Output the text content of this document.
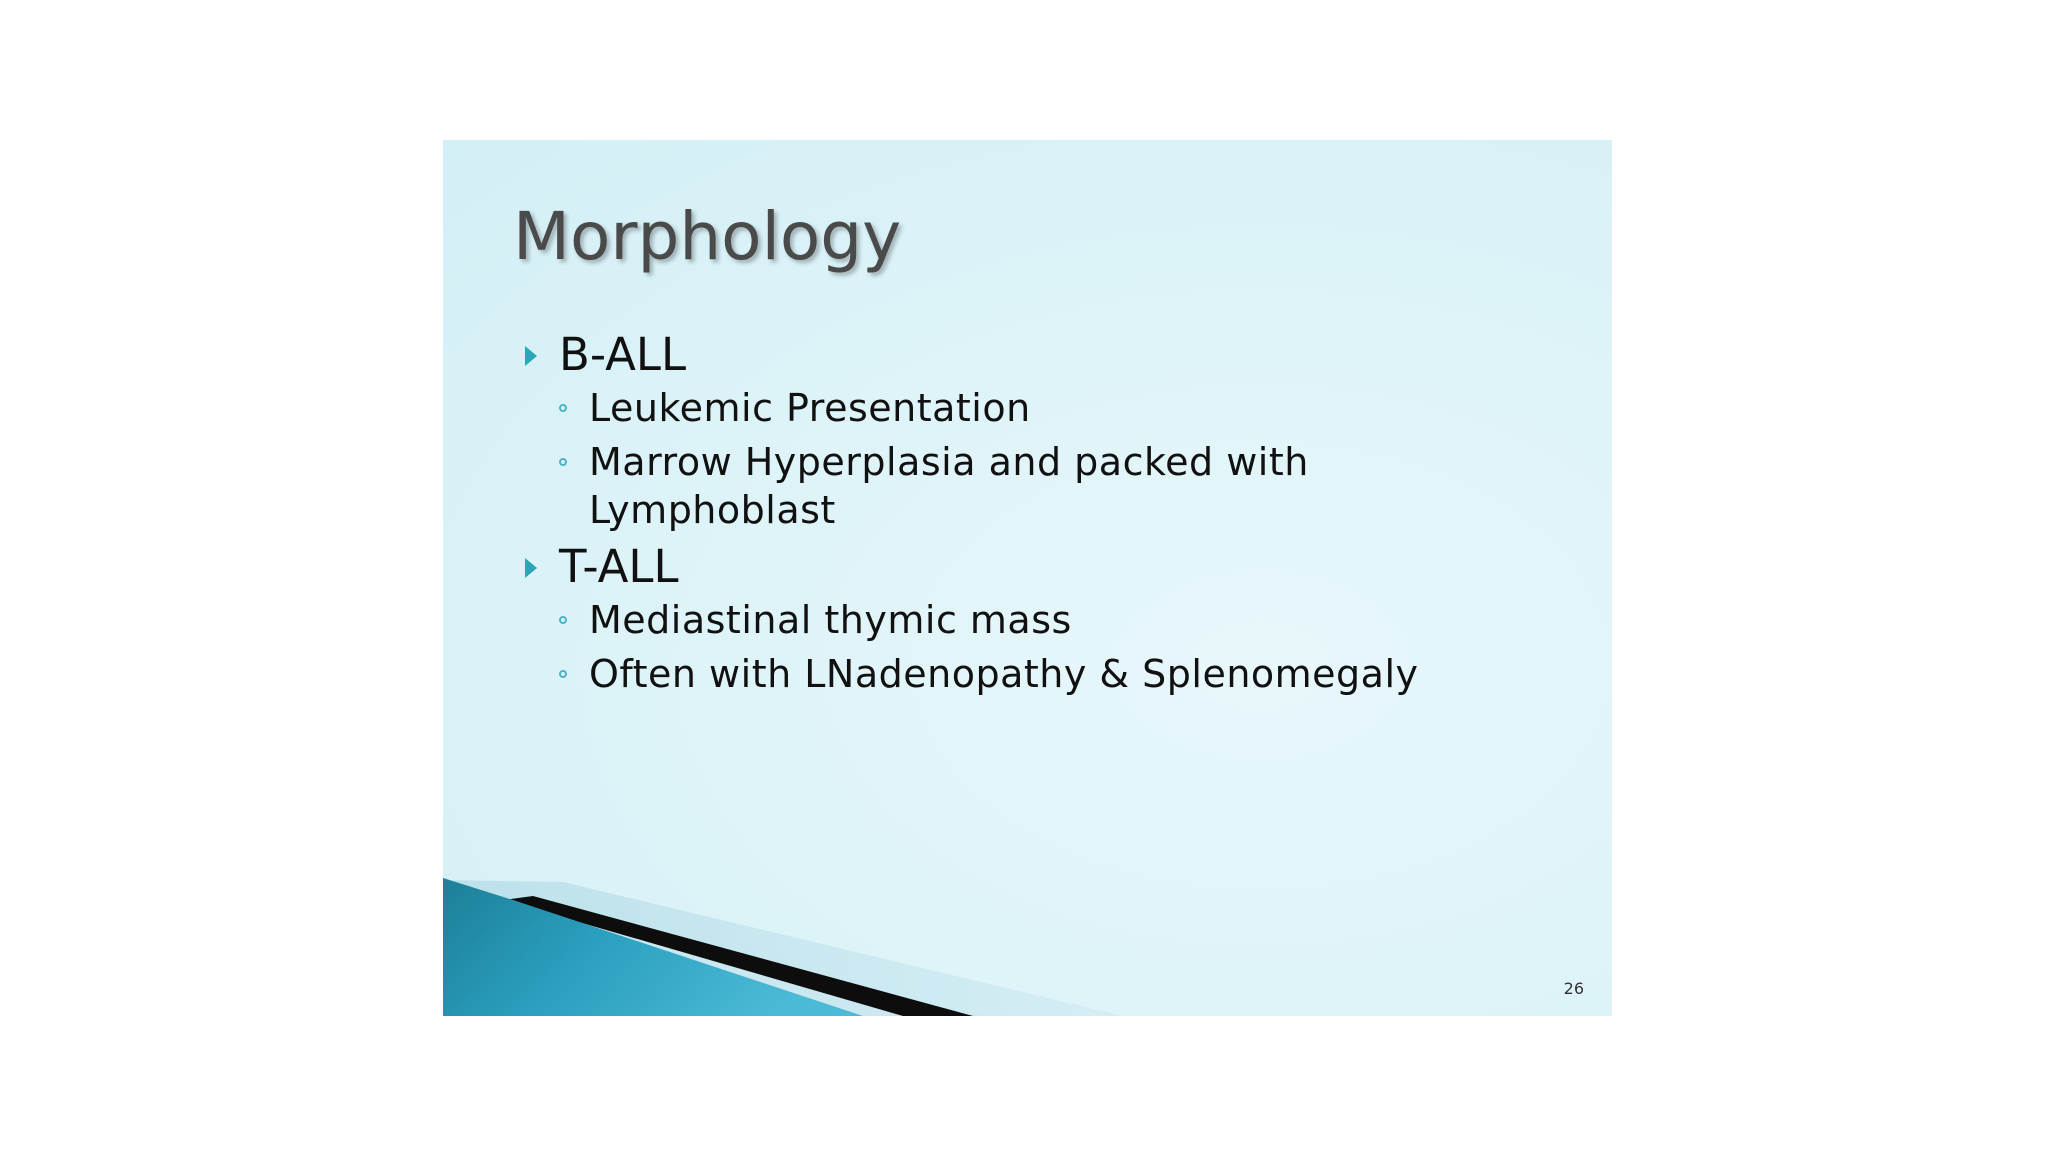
Morphology
B-ALL
Leukemic Presentation
Marrow Hyperplasia and packed with Lymphoblast
T-ALL
Mediastinal thymic mass
Often with LNadenopathy & Splenomegaly
26
